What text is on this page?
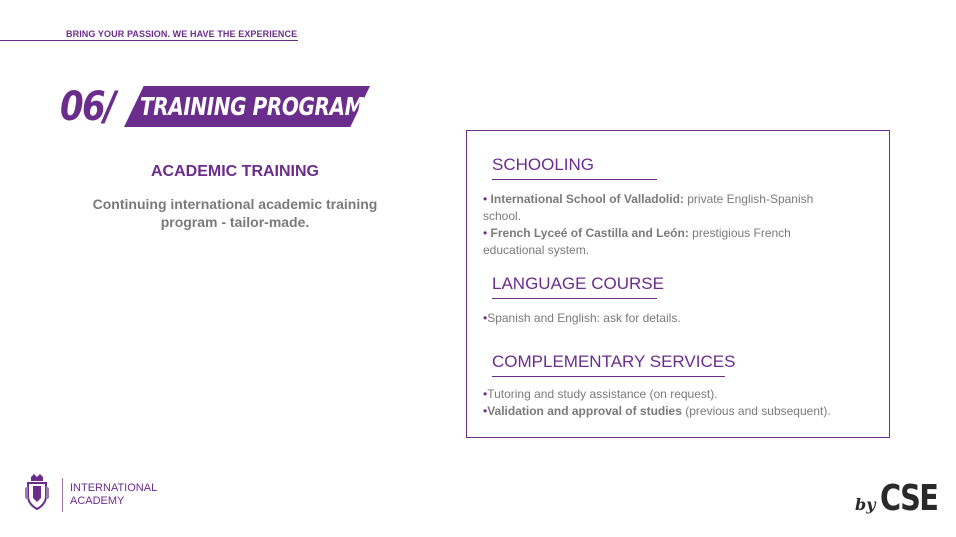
BRING YOUR PASSION. WE HAVE THE EXPERIENCE
06/ TRAINING PROGRAM
ACADEMIC TRAINING
Continuing international academic training
program - tailor-made.
SCHOOLING
• International School of Valladolid: private English-Spanish school.
• French Lyceé of Castilla and León: prestigious French educational system.
LANGUAGE COURSE
•Spanish and English: ask for details.
COMPLEMENTARY SERVICES
•Tutoring and study assistance (on request).
•Validation and approval of studies (previous and subsequent).
INTERNATIONAL
ACADEMY	by CSE
